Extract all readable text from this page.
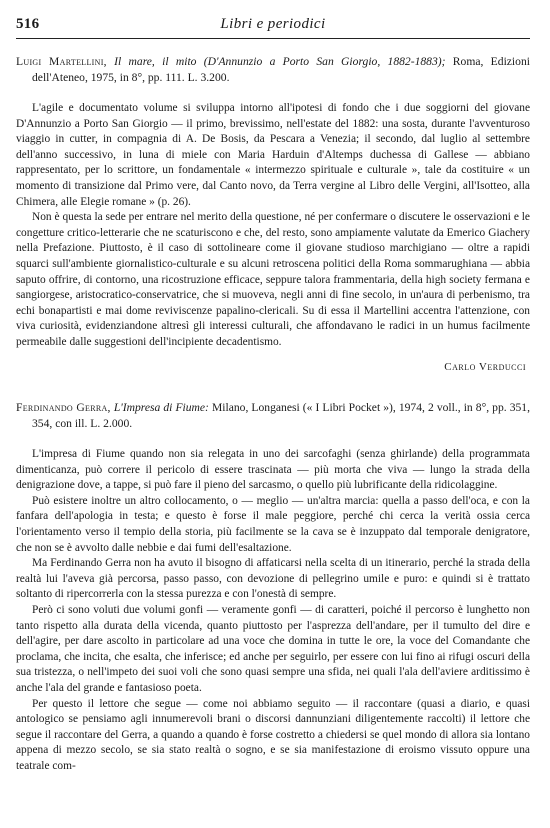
Libri e periodici
516

Luigi Martellini, Il mare, il mito (D'Annunzio a Porto San Giorgio, 1882-1883); Roma, Edizioni dell'Ateneo, 1975, in 8°, pp. 111. L. 3.200.

L'agile e documentato volume si sviluppa intorno all'ipotesi di fondo che i due soggiorni del giovane D'Annunzio a Porto San Giorgio — il primo, brevissimo, nell'estate del 1882: una sosta, durante l'avventuroso viaggio in cutter, in compagnia di A. De Bosis, da Pescara a Venezia; il secondo, dal luglio al settembre dell'anno successivo, in luna di miele con Maria Harduin d'Altemps duchessa di Gallese — abbiano rappresentato, per lo scrittore, un fondamentale « intermezzo spirituale e culturale », tale da costituire « un momento di transizione dal Primo vere, dal Canto novo, da Terra vergine al Libro delle Vergini, all'Isotteo, alla Chimera, alle Elegie romane » (p. 26).

Non è questa la sede per entrare nel merito della questione, né per confermare o discutere le osservazioni e le congetture critico-letterarie che ne scaturiscono e che, del resto, sono ampiamente valutate da Emerico Giachery nella Prefazione. Piuttosto, è il caso di sottolineare come il giovane studioso marchigiano — oltre a rapidi squarci sull'ambiente giornalistico-culturale e su alcuni retroscena politici della Roma sommarughiana — abbia saputo offrire, di contorno, una ricostruzione efficace, seppure talora frammentaria, della high society fermana e sangiorgese, aristocratico-conservatrice, che si muoveva, negli anni di fine secolo, in un'aura di perbenismo, tra echi bonapartisti e mai dome reviviscenze papalino-clericali. Su di essa il Martellini accentra l'attenzione, con viva curiosità, evidenziandone altresì gli interessi culturali, che affondavano le radici in un humus facilmente permeabile dalle suggestioni dell'incipiente decadentismo.

Carlo Verducci

Ferdinando Gerra, L'Impresa di Fiume: Milano, Longanesi (« I Libri Pocket »), 1974, 2 voll., in 8°, pp. 351, 354, con ill. L. 2.000.

L'impresa di Fiume quando non sia relegata in uno dei sarcofaghi (senza ghirlande) della programmata dimenticanza, può correre il pericolo di essere trascinata — più morta che viva — lungo la strada della denigrazione dove, a tappe, si può fare il pieno del sarcasmo, o quello più lubrificante della ridicolaggine.

Può esistere inoltre un altro collocamento, o — meglio — un'altra marcia: quella a passo dell'oca, e con la fanfara dell'apologia in testa; e questo è forse il male peggiore, perché chi cerca la verità ossia cerca l'orientamento verso il tempio della storia, più facilmente se la cava se è inzuppato dal temporale denigratore, che non se è avvolto dalle nebbie e dai fumi dell'esaltazione.

Ma Ferdinando Gerra non ha avuto il bisogno di affaticarsi nella scelta di un itinerario, perché la strada della realtà lui l'aveva già percorsa, passo passo, con devozione di pellegrino umile e puro: e quindi si è trattato soltanto di ripercorrerla con la stessa purezza e con l'onestà di sempre.

Però ci sono voluti due volumi gonfi — veramente gonfi — di caratteri, poiché il percorso è lunghetto non tanto rispetto alla durata della vicenda, quanto piuttosto per l'asprezza dell'andare, per il tumulto del dire e dell'agire, per dare ascolto in particolare ad una voce che domina in tutte le ore, la voce del Comandante che proclama, che incita, che esalta, che inferisce; ed anche per seguirlo, per essere con lui fino ai rifugi oscuri della sua tristezza, o nell'impeto dei suoi voli che sono quasi sempre una sfida, nei quali l'ala dell'aviere arditissimo è anche l'ala del grande e fantasioso poeta.

Per questo il lettore che segue — come noi abbiamo seguito — il raccontare (quasi a diario, e quasi antologico se pensiamo agli innumerevoli brani o discorsi dannunziani diligentemente raccolti) il lettore che segue il raccontare del Gerra, a quando a quando è forse costretto a chiedersi se quel mondo di allora sia lontano appena di mezzo secolo, se sia stato realtà o sogno, e se sia manifestazione di eroismo vissuto oppure una teatrale com-
